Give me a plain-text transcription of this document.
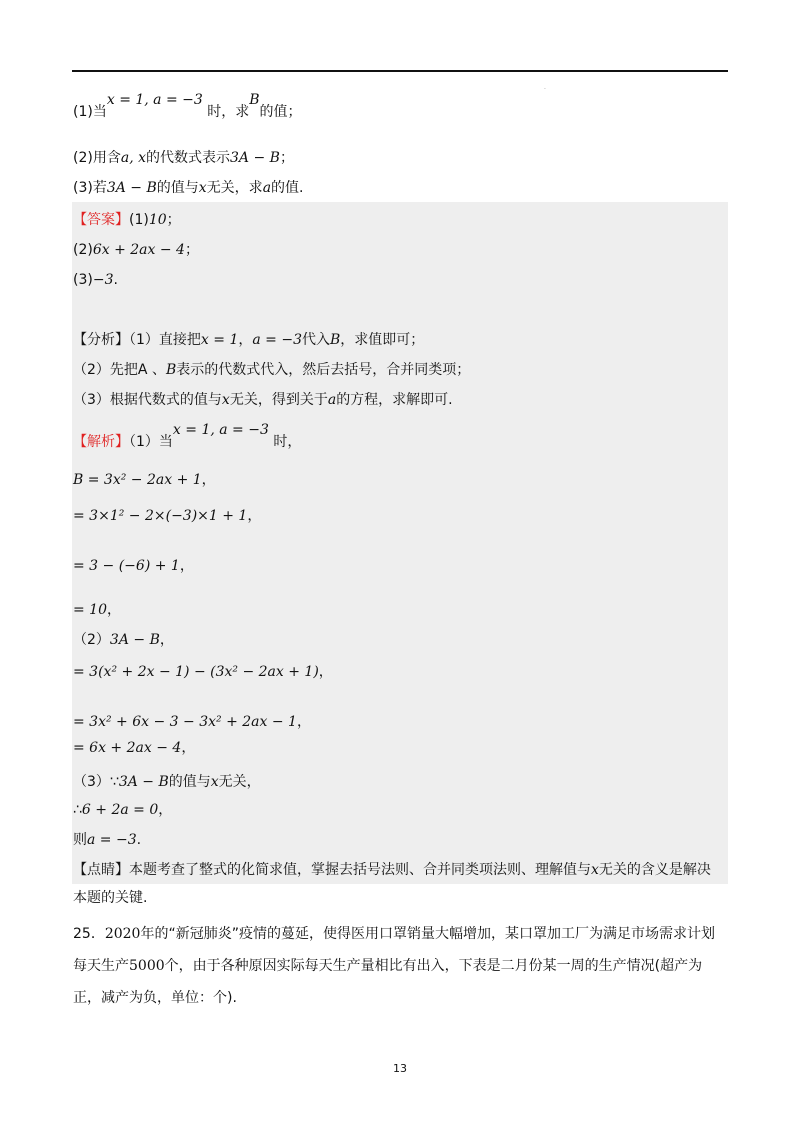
·
(1)当x = 1, a = −3 时，求B的值；
(2)用含a, x的代数式表示3A − B；
(3)若3A − B的值与x无关，求a的值.
【答案】(1)10；
(2)6x + 2ax − 4；
(3)−3.
【分析】（1）直接把x = 1，a = −3代入B，求值即可；
（2）先把A 、B表示的代数式代入，然后去括号，合并同类项；
（3）根据代数式的值与x无关，得到关于a的方程，求解即可.
【解析】（1）当x = 1, a = −3 时，
B = 3x² − 2ax + 1，
= 3×1² − 2×(−3)×1 + 1，
= 3 − (−6) + 1，
= 10，
（2）3A − B，
= 3(x² + 2x − 1) − (3x² − 2ax + 1)，
= 3x² + 6x − 3 − 3x² + 2ax − 1，
= 6x + 2ax − 4，
（3）∵3A − B的值与x无关，
∴6 + 2a = 0，
则a = −3.
【点睛】本题考查了整式的化简求值，掌握去括号法则、合并同类项法则、理解值与x无关的含义是解决本题的关键.
25．2020年的“新冠肺炎”疫情的蔓延，使得医用口罩销量大幅增加，某口罩加工厂为满足市场需求计划每天生产5000个，由于各种原因实际每天生产量相比有出入，下表是二月份某一周的生产情况(超产为正，减产为负，单位：个).
13
